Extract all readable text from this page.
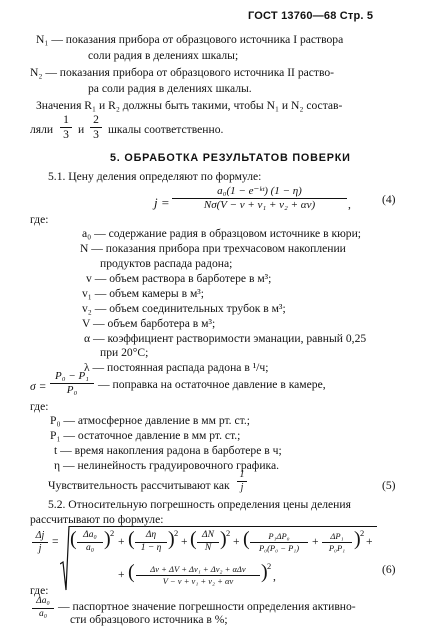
ГОСТ 13760—68 Стр. 5
N₁ — показания прибора от образцового источника I раствора
соли радия в делениях шкалы;
N₂ — показания прибора от образцового источника II раство-
ра соли радия в делениях шкалы.
Значения R₁ и R₂ должны быть такими, чтобы N₁ и N₂ состав-
ляли
1
3 и
2
3 шкалы соответственно.
5. ОБРАБОТКА РЕЗУЛЬТАТОВ ПОВЕРКИ
5.1. Цену деления определяют по формуле:
j =
a₀(1 − e⁻ᵏᵗ) (1 − η)
Nσ(V − v + v₁ + v₂ + αv)	,	(4)
где:
a₀ — содержание радия в образцовом источнике в кюри;
N — показания прибора при трехчасовом накоплении
продуктов распада радона;
v — объем раствора в барботере в м³;
v₁ — объем камеры в м³;
v₂ — объем соединительных трубок в м³;
V — объем барботера в м³;
α — коэффициент растворимости эманации, равный 0,25
при 20°C;
λ — постоянная распада радона в ¹/ч;
σ =
P₀ − P₁
P₀	— поправка на остаточное давление в камере,
где:
P₀ — атмосферное давление в мм рт. ст.;
P₁ — остаточное давление в мм рт. ст.;
t — время накопления радона в барботере в ч;
η — нелинейность градуировочного графика.
Чувствительность рассчитывают как
1
j	(5)
5.2. Относительную погрешность определения цены деления
рассчитывают по формуле:
Δj
j
= ( Δa₀
a₀ ) 2
+ (	Δη
1 − η ) 2
+ ( ΔN
N ) 2
+ (	P₁ΔP₀
P₀(P₀ − P₁)	+	ΔP₁
P₀P₁ ) 2
+
+ (	Δv + ΔV + Δv₁ + Δv₂ + αΔv
V − v + v₁ + v₂ + αv	) 2
,
(6)
где:
Δa₀
a₀
— паспортное значение погрешности определения активно-
сти образцового источника в %;
